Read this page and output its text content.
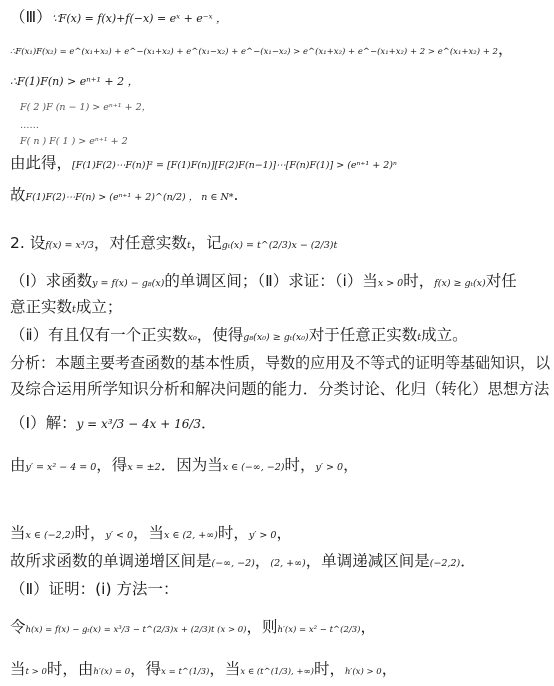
（Ⅲ）∵F(x) = f(x)+f(−x) = eˣ + e⁻ˣ ，
∴F(x₁)F(x₂) = e^(x₁+x₂) + e^−(x₁+x₂) + e^(x₁−x₂) + e^−(x₁−x₂) > e^(x₁+x₂) + e^−(x₁+x₂) + 2 > e^(x₁+x₂) + 2，
∴F(1)F(n) > eⁿ⁺¹ + 2 ，
F( 2 )F (n − 1) > eⁿ⁺¹ + 2，
……
F( n ) F( 1 ) > eⁿ⁺¹ + 2
由此得，[F(1)F(2)⋯F(n)]² = [F(1)F(n)][F(2)F(n−1)]⋯[F(n)F(1)] > (eⁿ⁺¹ + 2)ⁿ
故F(1)F(2)⋯F(n) > (eⁿ⁺¹ + 2)^(n/2) ， n ∈ N*.
2. 设f(x) = x³/3，对任意实数t，记gₜ(x) = t^(2/3)x − (2/3)t
（Ⅰ）求函数y = f(x) − g₈(x)的单调区间；（Ⅱ）求证：（ⅰ）当x > 0时，f(x) ≥ gₜ(x)对任
意正实数t成立；
（ⅱ）有且仅有一个正实数x₀，使得g₈(x₀) ≥ gₜ(x₀)对于任意正实数t成立。
分析：本题主要考查函数的基本性质，导数的应用及不等式的证明等基础知识，以
及综合运用所学知识分析和解决问题的能力．分类讨论、化归（转化）思想方法
（Ⅰ）解：y = x³/3 − 4x + 16/3．
由y′ = x² − 4 = 0，得x = ±2．因为当x ∈ (−∞, −2)时，y′ > 0，
当x ∈ (−2,2)时，y′ < 0，当x ∈ (2, +∞)时，y′ > 0，
故所求函数的单调递增区间是(−∞, −2)，(2, +∞)，单调递减区间是(−2,2)．
（Ⅱ）证明：(ⅰ) 方法一：
令h(x) = f(x) − gₜ(x) = x³/3 − t^(2/3)x + (2/3)t (x > 0)，则h′(x) = x² − t^(2/3)，
当t > 0时，由h′(x) = 0，得x = t^(1/3)，当x ∈ (t^(1/3), +∞)时，h′(x) > 0，
